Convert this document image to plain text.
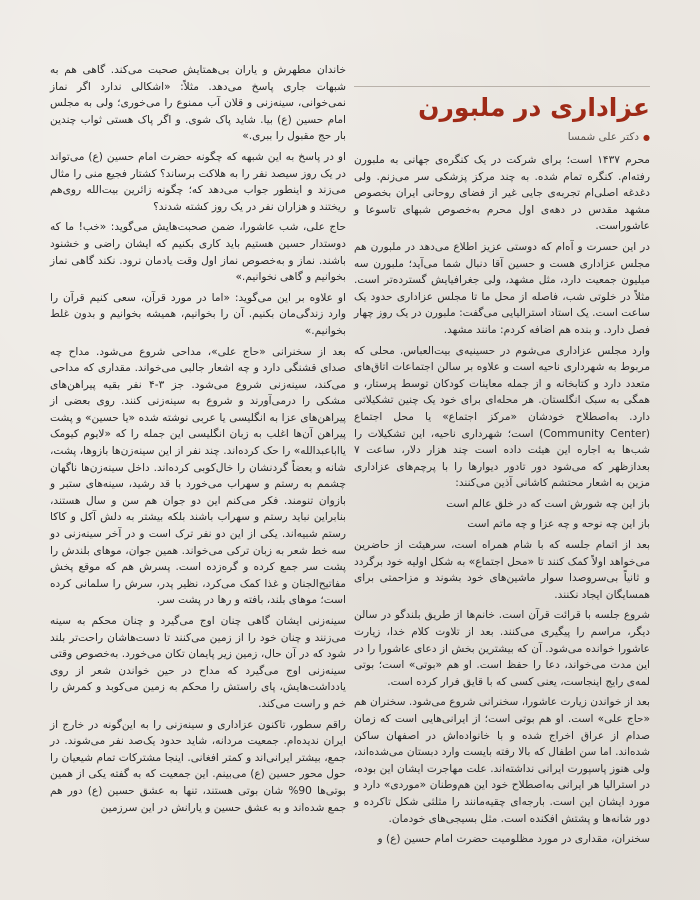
عزاداری در ملبورن
●
دکتر علی شمسا

محرم ۱۴۳۷ است؛ برای شرکت در یک کنگره‌ی جهانی به ملبورن رفته‌ام. کنگره تمام شده. به چند مرکز پزشکی سر می‌زنم. ولی دغدغه اصلی‌ام تجربه‌ی جایی غیر از فضای روحانی ایران بخصوص مشهد مقدس در دهه‌ی اول محرم به‌خصوص شبهای تاسوعا و عاشوراست.

در این حسرت و آه‌ام که دوستی عزیز اطلاع می‌دهد در ملبورن هم مجلس عزاداری هست و حسین آقا دنبال شما می‌آید؛ ملبورن سه میلیون جمعیت دارد، مثل مشهد، ولی جغرافیایش گسترده‌تر است. مثلاً در خلوتی شب، فاصله از محل ما تا مجلس عزاداری حدود یک ساعت است. یک استاد استرالیایی می‌گفت: ملبورن در یک روز چهار فصل دارد. و بنده هم اضافه کردم: مانند مشهد.

وارد مجلس عزاداری می‌شوم در حسینیه‌ی بیت‌العباس. محلی که مربوط به شهرداری ناحیه است و علاوه بر سالن اجتماعات اتاق‌های متعدد دارد و کتابخانه و از جمله معاینات کودکان توسط پرستار، و همگی به سبک انگلستان. هر محله‌ای برای خود یک چنین تشکیلاتی دارد. به‌اصطلاح خودشان «مرکز اجتماع» یا محل اجتماع (Community Center) است؛ شهرداری ناحیه، این تشکیلات را شب‌ها به اجاره این هیئت داده است چند هزار دلار، ساعت ۷ بعدازظهر که می‌شود دور تادور دیوارها را با پرچم‌های عزاداری مزین به اشعار محتشم کاشانی آذین می‌کنند:

باز این چه شورش است که در خلق عالم است

باز این چه نوحه و چه عزا و چه ماتم است

بعد از اتمام جلسه که با شام همراه است، سرهیئت از حاضرین می‌خواهد اولاً کمک کنند تا «محل اجتماع» به شکل اولیه خود برگردد و ثانیاً بی‌سروصدا سوار ماشین‌های خود بشوند و مزاحمتی برای همسایگان ایجاد نکنند.

شروع جلسه با قرائت قرآن است. خانم‌ها از طریق بلندگو در سالن دیگر، مراسم را پیگیری می‌کنند. بعد از تلاوت کلام خدا، زیارت عاشورا خوانده می‌شود. آن که بیشترین بخش از دعای عاشورا را در این مدت می‌خواند، دعا را حفظ است. او هم «بوتی» است؛ بوتی لمه‌ی رایج اینجاست، یعنی کسی که با قایق فرار کرده است.

بعد از خواندن زیارت عاشورا، سخنرانی شروع می‌شود. سخنران هم «حاج علی» است. او هم بوتی است؛ از ایرانی‌هایی است که زمان صدام از عراق اخراج شده و با خانواده‌اش در اصفهان ساکن شده‌اند. اما سن اطفال که بالا رفته بایست وارد دبستان می‌شده‌اند، ولی هنوز پاسپورت ایرانی نداشته‌اند. علت مهاجرت ایشان این بوده، در استرالیا هر ایرانی به‌اصطلاح خود این هم‌وطنان «موردی» دارد و مورد ایشان این است. بارجه‌ای چقیه‌مانند را مثلثی شکل تاکرده و دور شانه‌ها و پشتش افکنده است. مثل بسیجی‌های خودمان.

سخنران، مقداری در مورد مظلومیت حضرت امام حسین (ع) و

خاندان مطهرش و یاران بی‌همتایش صحبت می‌کند. گاهی هم به شبهات جاری پاسخ می‌دهد. مثلاً: «اشکالی ندارد اگر نماز نمی‌خوانی، سینه‌زنی و قلان آب ممنوع را می‌خوری؛ ولی به مجلس امام حسین (ع) بیا. شاید پاک شوی. و اگر پاک هستی ثواب چندین بار حج مقبول را ببری.»

او در پاسخ به این شبهه که چگونه حضرت امام حسین (ع) می‌تواند در یک روز سیصد نفر را به هلاکت برساند؟ کشتار فجیع منی را مثال می‌زند و اینطور جواب می‌دهد که؛ چگونه زائرین بیت‌الله روی‌هم ریختند و هزاران نفر در یک روز کشته شدند؟

حاج علی، شب عاشورا، ضمن صحبت‌هایش می‌گوید: «خب! ما که دوستدار حسین هستیم باید کاری بکنیم که ایشان راضی و خشنود باشند. نماز و به‌خصوص نماز اول وقت یادمان نرود. نکند گاهی نماز بخوانیم و گاهی نخوانیم.»

او علاوه بر این می‌گوید: «اما در مورد قرآن، سعی کنیم قرآن را وارد زندگی‌مان بکنیم. آن را بخوانیم، همیشه بخوانیم و بدون غلط بخوانیم.»

بعد از سخنرانی «حاج علی»، مداحی شروع می‌شود. مداح چه صدای قشنگی دارد و چه اشعار جالبی می‌خواند. مقداری که مداحی می‌کند، سینه‌زنی شروع می‌شود. جز ۳-۴ نفر بقیه پیراهن‌های مشکی را درمی‌آورند و شروع به سینه‌زنی کنند. روی بعضی از پیراهن‌های عزا به انگلیسی یا عربی نوشته شده «یا حسین» و پشت پیراهن آن‌ها اغلب به زبان انگلیسی این جمله را که «لایوم کیومک یااباعبدالله» را حک کرده‌اند. چند نفر از این سینه‌زن‌ها بازوها، پشت، شانه و بعضاً گردنشان را خال‌کوبی کرده‌اند. داخل سینه‌زن‌ها ناگهان چشمم به رستم و سهراب می‌خورد با قد رشید، سینه‌های ستبر و بازوان تنومند. فکر می‌کنم این دو جوان هم سن و سال هستند، بنابراین نباید رستم و سهراب باشند بلکه بیشتر به دلش آکل و کاکا رستم شبیه‌اند. یکی از این دو نفر ترک است و در آخر سینه‌زنی دو سه خط شعر به زبان ترکی می‌خواند. همین جوان، موهای بلندش را پشت سر جمع کرده و گره‌زده است. پسرش هم که موقع پخش مفاتیح‌الجنان و غذا کمک می‌کرد، نظیر پدر، سرش را سلمانی کرده است؛ موهای بلند، بافته و رها در پشت سر.

سینه‌زنی ایشان گاهی چنان اوج می‌گیرد و چنان محکم به سینه می‌زنند و چنان خود را از زمین می‌کنند تا دست‌هاشان راحت‌تر بلند شود که در آن حال، زمین زیر پایمان تکان می‌خورد. به‌خصوص وقتی سینه‌زنی اوج می‌گیرد که مداح در حین خواندن شعر از روی یادداشت‌هایش، پای راستش را محکم به زمین می‌کوبد و کمرش را خم و راست می‌کند.

راقم سطور، تاکنون عزاداری و سینه‌زنی را به این‌گونه در خارج از ایران ندیده‌ام. جمعیت مردانه، شاید حدود یک‌صد نفر می‌شوند. در جمع، بیشتر ایرانی‌اند و کمتر افغانی. اینجا مشترکات تمام شیعیان را حول محور حسین (ع) می‌بینم. این جمعیت که به گفته یکی از همین بوتی‌ها 90% شان بوتی هستند، تنها به عشق حسین (ع) دور هم جمع شده‌اند و به عشق حسین و یارانش در این سرزمین
